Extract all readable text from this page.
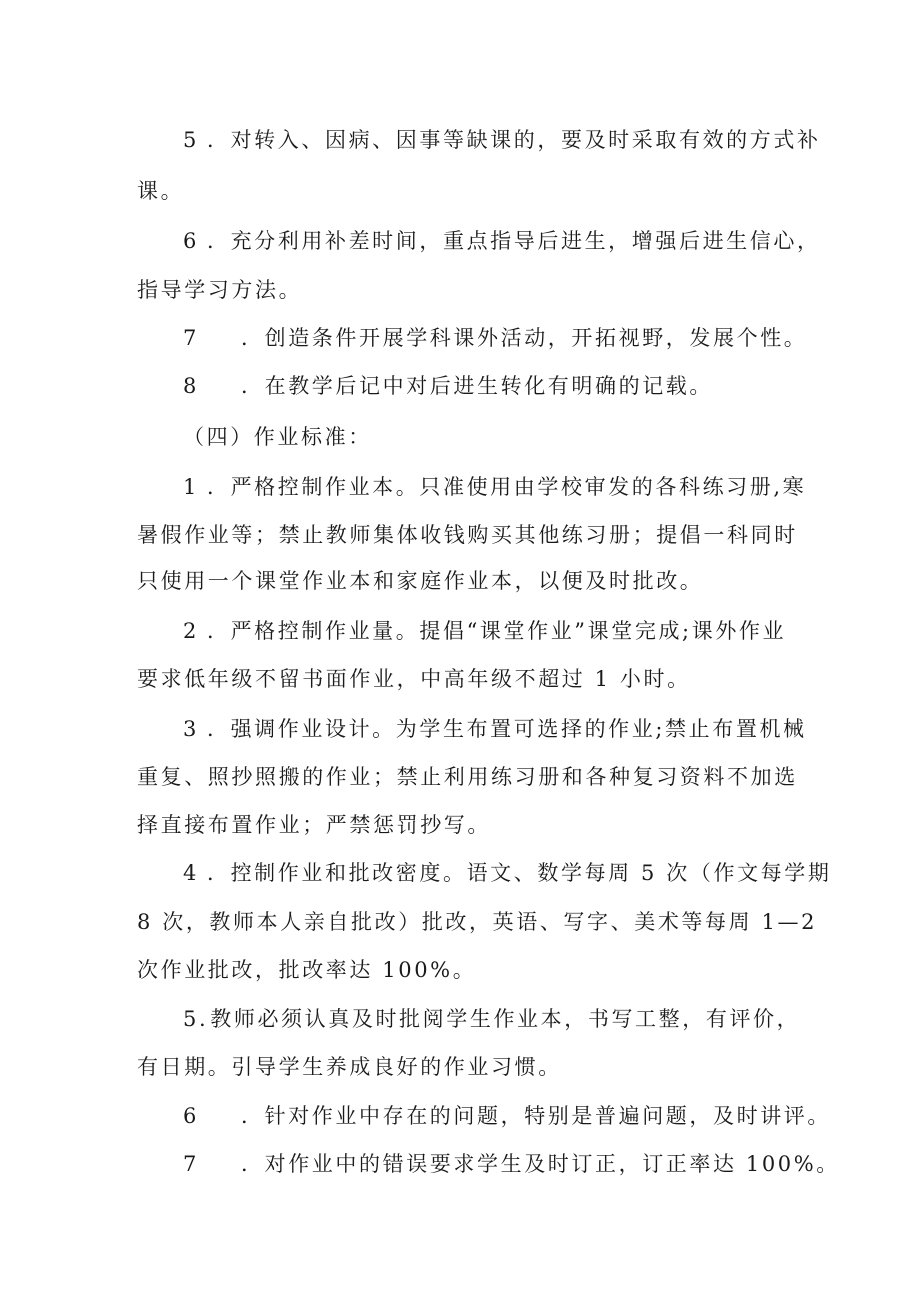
5 ．对转入、因病、因事等缺课的，要及时采取有效的方式补
课。
6 ．充分利用补差时间，重点指导后进生，增强后进生信心，
指导学习方法。
7 ．创造条件开展学科课外活动，开拓视野，发展个性。
8 ．在教学后记中对后进生转化有明确的记载。
（四）作业标准：
1 ．严格控制作业本。只准使用由学校审发的各科练习册,寒
暑假作业等；禁止教师集体收钱购买其他练习册；提倡一科同时
只使用一个课堂作业本和家庭作业本，以便及时批改。
2 ．严格控制作业量。提倡“课堂作业”课堂完成;课外作业
要求低年级不留书面作业，中高年级不超过 1 小时。
3 ．强调作业设计。为学生布置可选择的作业;禁止布置机械
重复、照抄照搬的作业；禁止利用练习册和各种复习资料不加选
择直接布置作业；严禁惩罚抄写。
4 ．控制作业和批改密度。语文、数学每周 5 次（作文每学期
8 次，教师本人亲自批改）批改，英语、写字、美术等每周 1—2
次作业批改，批改率达 100%。
5.教师必须认真及时批阅学生作业本，书写工整，有评价，
有日期。引导学生养成良好的作业习惯。
6 ．针对作业中存在的问题，特别是普遍问题，及时讲评。
7 ．对作业中的错误要求学生及时订正，订正率达 100%。
